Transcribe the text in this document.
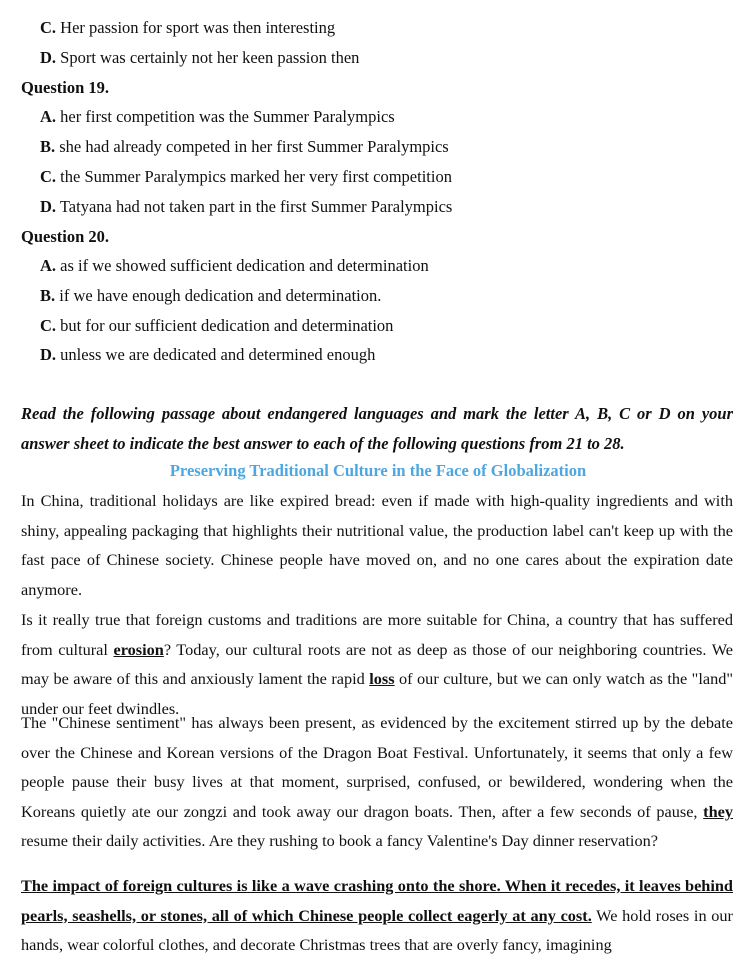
C. Her passion for sport was then interesting
D. Sport was certainly not her keen passion then
Question 19.
A. her first competition was the Summer Paralympics
B. she had already competed in her first Summer Paralympics
C. the Summer Paralympics marked her very first competition
D. Tatyana had not taken part in the first Summer Paralympics
Question 20.
A. as if we showed sufficient dedication and determination
B. if we have enough dedication and determination.
C. but for our sufficient dedication and determination
D. unless we are dedicated and determined enough
Read the following passage about endangered languages and mark the letter A, B, C or D on your answer sheet to indicate the best answer to each of the following questions from 21 to 28.
Preserving Traditional Culture in the Face of Globalization
In China, traditional holidays are like expired bread: even if made with high-quality ingredients and with shiny, appealing packaging that highlights their nutritional value, the production label can't keep up with the fast pace of Chinese society. Chinese people have moved on, and no one cares about the expiration date anymore.
Is it really true that foreign customs and traditions are more suitable for China, a country that has suffered from cultural erosion? Today, our cultural roots are not as deep as those of our neighboring countries. We may be aware of this and anxiously lament the rapid loss of our culture, but we can only watch as the "land" under our feet dwindles.
The "Chinese sentiment" has always been present, as evidenced by the excitement stirred up by the debate over the Chinese and Korean versions of the Dragon Boat Festival. Unfortunately, it seems that only a few people pause their busy lives at that moment, surprised, confused, or bewildered, wondering when the Koreans quietly ate our zongzi and took away our dragon boats. Then, after a few seconds of pause, they resume their daily activities. Are they rushing to book a fancy Valentine's Day dinner reservation?
The impact of foreign cultures is like a wave crashing onto the shore. When it recedes, it leaves behind pearls, seashells, or stones, all of which Chinese people collect eagerly at any cost. We hold roses in our hands, wear colorful clothes, and decorate Christmas trees that are overly fancy, imagining
